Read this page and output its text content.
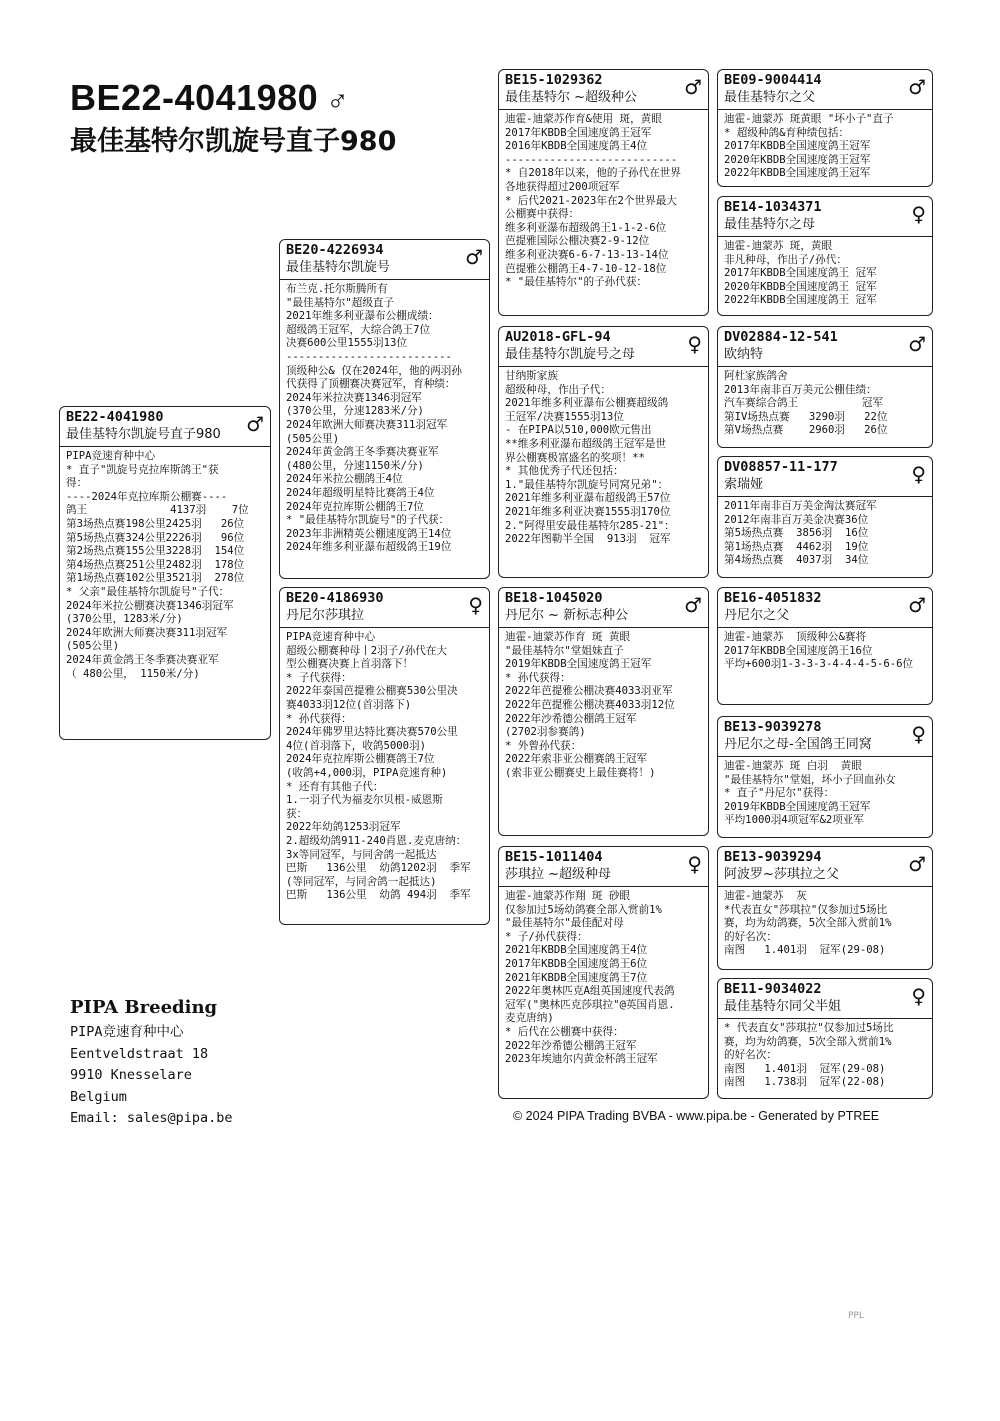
BE22-4041980 ♂
最佳基特尔凯旋号直子980
BE22-4041980
最佳基特尔凯旋号直子980	♂
PIPA竞速育种中心
* 直子"凯旋号克拉库斯鸽王"获
得：
----2024年克拉库斯公棚赛----
鸽王             4137羽    7位
第3场热点赛198公里2425羽   26位
第5场热点赛324公里2226羽   96位
第2场热点赛155公里3228羽  154位
第4场热点赛251公里2482羽  178位
第1场热点赛102公里3521羽  278位
* 父亲"最佳基特尔凯旋号"子代：
2024年米拉公棚赛决赛1346羽冠军
(370公里，1283米/分)
2024年欧洲大师赛决赛311羽冠军
(505公里)
2024年黄金鸽王冬季赛决赛亚军
（ 480公里， 1150米/分)
BE20-4226934
最佳基特尔凯旋号	♂
布兰克.托尔斯腾所有
"最佳基特尔"超级直子
2021年维多利亚瀑布公棚成绩：
超级鸽王冠军，大综合鸽王7位
决赛600公里1555羽13位
--------------------------
顶级种公& 仅在2024年，他的两羽孙
代获得了顶棚赛决赛冠军，育种绩：
2024年米拉决赛1346羽冠军
(370公里，分速1283米/分)
2024年欧洲大师赛决赛311羽冠军
(505公里)
2024年黄金鸽王冬季赛决赛亚军
(480公里，分速1150米/分)
2024年米拉公棚鸽王4位
2024年超级明星特比赛鸽王4位
2024年克拉库斯公棚鸽王7位
* "最佳基特尔凯旋号"的子代获：
2023年非洲精英公棚速度鸽王14位
2024年维多利亚瀑布超级鸽王19位
BE20-4186930
丹尼尔莎琪拉	♀
PIPA竞速育种中心
超级公棚赛种母丨2羽子/孙代在大
型公棚赛决赛上首羽落下！
* 子代获得：
2022年泰国芭提雅公棚赛530公里决
赛4033羽12位(首羽落下)
* 孙代获得：
2024年佛罗里达特比赛决赛570公里
4位(首羽落下，收鸽5000羽)
2024年克拉库斯公棚赛鸽王7位
(收鸽+4,000羽，PIPA竞速育种)
* 还育有其他子代：
1.一羽子代为福麦尔贝根-威恩斯
获：
2022年幼鸽1253羽冠军
2.超级幼鸽911-240肖恩.麦克唐纳：
3x等同冠军，与同舍鸽一起抵达
巴斯   136公里  幼鸽1202羽  季军
(等同冠军，与同舍鸽一起抵达)
巴斯   136公里  幼鸽 494羽  季军
BE15-1029362
最佳基特尔 ~超级种公	♂
迪霍-迪蒙苏作育&使用 斑，黄眼
2017年KBDB全国速度鸽王冠军
2016年KBDB全国速度鸽王4位
---------------------------
* 自2018年以来，他的子孙代在世界
各地获得超过200项冠军
* 后代2021-2023年在2个世界最大
公棚赛中获得：
维多利亚瀑布超级鸽王1-1-2-6位
芭提雅国际公棚决赛2-9-12位
维多利亚决赛6-6-7-13-13-14位
芭提雅公棚鸽王4-7-10-12-18位
* "最佳基特尔"的子孙代获：
AU2018-GFL-94
最佳基特尔凯旋号之母	♀
甘纳斯家族
超级种母，作出子代：
2021年维多利亚瀑布公棚赛超级鸽
王冠军/决赛1555羽13位
- 在PIPA以510,000欧元售出
**维多利亚瀑布超级鸽王冠军是世
界公棚赛极富盛名的奖项！**
* 其他优秀子代还包括：
1."最佳基特尔凯旋号同窝兄弟"：
2021年维多利亚瀑布超级鸽王57位
2021年维多利亚决赛1555羽170位
2."阿得里安最佳基特尔285-21"：
2022年图勒半全国  913羽  冠军
BE18-1045020
丹尼尔 ~ 新标志种公	♂
迪霍-迪蒙苏作育 斑 黄眼
"最佳基特尔"堂姐妹直子
2019年KBDB全国速度鸽王冠军
* 孙代获得：
2022年芭提雅公棚决赛4033羽亚军
2022年芭提雅公棚决赛4033羽12位
2022年沙希德公棚鸽王冠军
(2702羽参赛鸽)
* 外曾孙代获：
2022年索非亚公棚赛鸽王冠军
(索非亚公棚赛史上最佳赛将！)
BE15-1011404
莎琪拉 ~超级种母	♀
迪霍-迪蒙苏作翔 斑 砂眼
仅参加过5场幼鸽赛全部入赏前1%
"最佳基特尔"最佳配对母
* 子/孙代获得：
2021年KBDB全国速度鸽王4位
2017年KBDB全国速度鸽王6位
2021年KBDB全国速度鸽王7位
2022年奥林匹克A组英国速度代表鸽
冠军("奥林匹克莎琪拉"@英国肖恩.
麦克唐纳)
* 后代在公棚赛中获得：
2022年沙希德公棚鸽王冠军
2023年埃迪尔内黄金杯鸽王冠军
BE09-9004414
最佳基特尔之父	♂
迪霍-迪蒙苏 斑黄眼 "坏小子"直子
* 超级种鸽&育种绩包括：
2017年KBDB全国速度鸽王冠军
2020年KBDB全国速度鸽王冠军
2022年KBDB全国速度鸽王冠军
BE14-1034371
最佳基特尔之母	♀
迪霍-迪蒙苏 斑，黄眼
非凡种母，作出子/孙代：
2017年KBDB全国速度鸽王 冠军
2020年KBDB全国速度鸽王 冠军
2022年KBDB全国速度鸽王 冠军
DV02884-12-541
欧纳特	♂
阿杜家族鸽舍
2013年南非百万美元公棚佳绩：
汽车赛综合鸽王          冠军
第IV场热点赛   3290羽   22位
第V场热点赛    2960羽   26位
DV08857-11-177
索瑞娅	♀
2011年南非百万美金淘汰赛冠军
2012年南非百万美金决赛36位
第5场热点赛  3856羽  16位
第1场热点赛  4462羽  19位
第4场热点赛  4037羽  34位
BE16-4051832
丹尼尔之父	♂
迪霍-迪蒙苏  顶级种公&赛将
2017年KBDB全国速度鸽王16位
平均+600羽1-3-3-3-4-4-4-5-6-6位
BE13-9039278
丹尼尔之母-全国鸽王同窝	♀
迪霍-迪蒙苏 斑 白羽  黄眼
"最佳基特尔"堂姐，坏小子回血孙女
* 直子"丹尼尔"获得：
2019年KBDB全国速度鸽王冠军
平均1000羽4项冠军&2项亚军
BE13-9039294
阿波罗~莎琪拉之父	♂
迪霍-迪蒙苏  灰
*代表直女"莎琪拉"仅参加过5场比
赛，均为幼鸽赛，5次全部入赏前1%
的好名次：
南图   1.401羽  冠军(29-08)
BE11-9034022
最佳基特尔同父半姐	♀
* 代表直女"莎琪拉"仅参加过5场比
赛，均为幼鸽赛，5次全部入赏前1%
的好名次：
南图   1.401羽  冠军(29-08)
南图   1.738羽  冠军(22-08)
PIPA Breeding
PIPA竞速育种中心
Eentveldstraat 18
9910 Knesselare
Belgium
Email: sales@pipa.be	© 2024 PIPA Trading BVBA - www.pipa.be - Generated by PTREE
PPL
